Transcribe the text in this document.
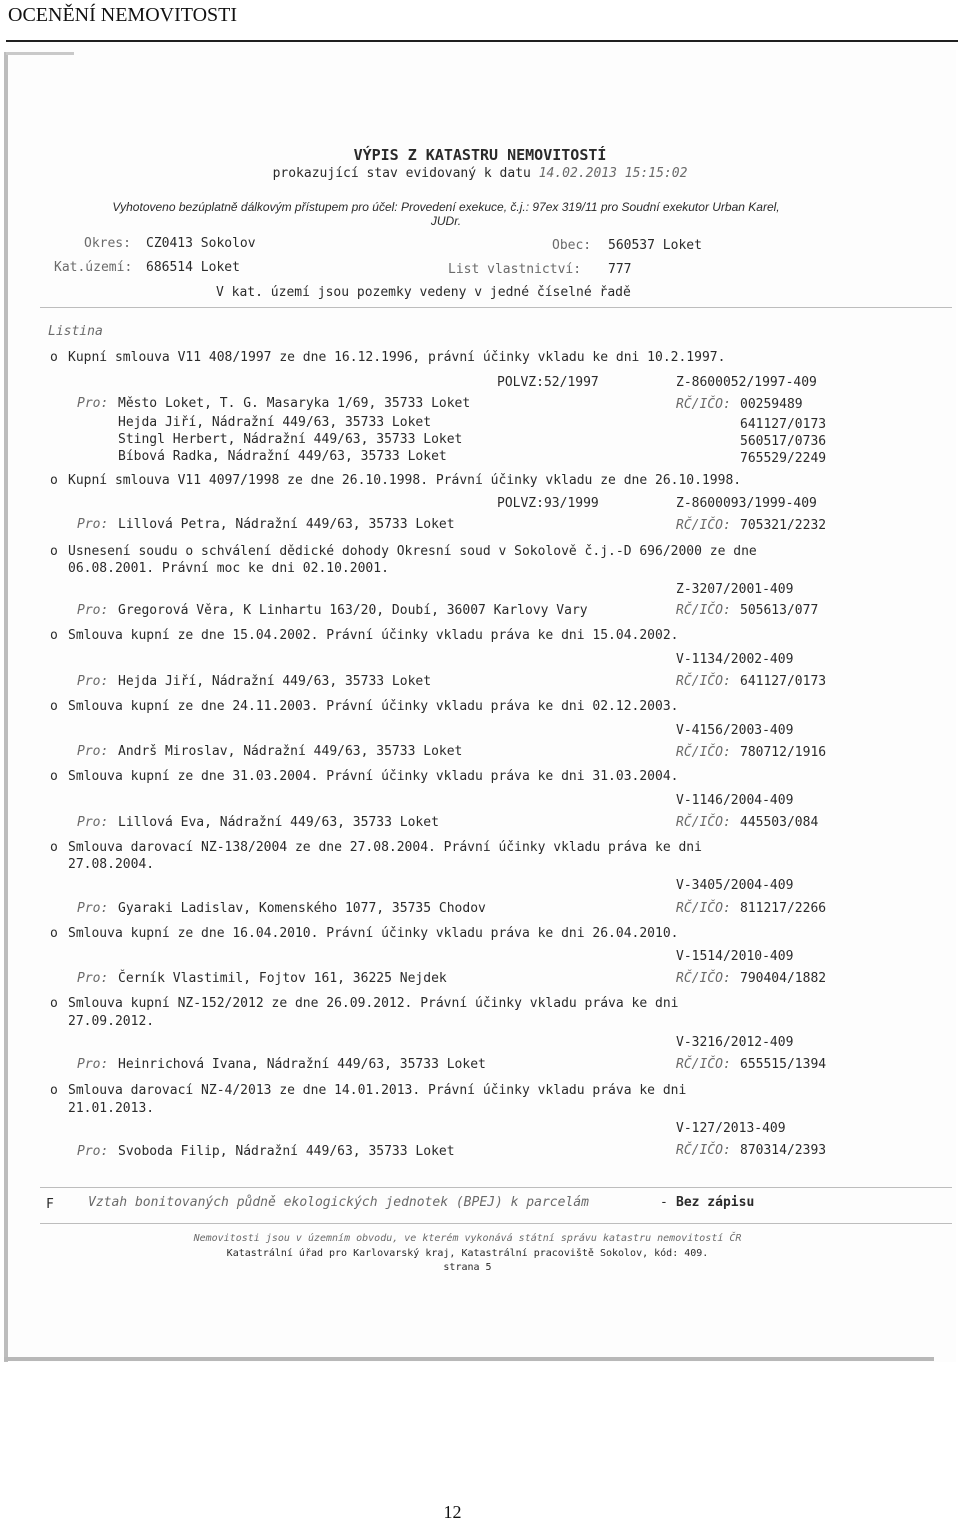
OCENĚNÍ NEMOVITOSTI
VÝPIS Z KATASTRU NEMOVITOSTÍ
prokazující stav evidovaný k datu 14.02.2013 15:15:02
Vyhotoveno bezúplatně dálkovým přístupem pro účel: Provedení exekuce, č.j.: 97ex 319/11 pro Soudní exekutor Urban Karel, JUDr.
Okres: CZ0413 Sokolov	Obec: 560537 Loket
Kat.území: 686514 Loket	List vlastnictví: 777
V kat. území jsou pozemky vedeny v jedné číselné řadě
Listina
o Kupní smlouva V11 408/1997 ze dne 16.12.1996, právní účinky vkladu ke dni 10.2.1997.
POLVZ:52/1997	Z-8600052/1997-409
Pro: Město Loket, T. G. Masaryka 1/69, 35733 Loket	RČ/IČO: 00259489
Hejda Jiří, Nádražní 449/63, 35733 Loket	641127/0173
Stingl Herbert, Nádražní 449/63, 35733 Loket	560517/0736
Bíbová Radka, Nádražní 449/63, 35733 Loket	765529/2249
o Kupní smlouva V11 4097/1998 ze dne 26.10.1998. Právní účinky vkladu ze dne 26.10.1998.
POLVZ:93/1999	Z-8600093/1999-409
Pro: Lillová Petra, Nádražní 449/63, 35733 Loket	RČ/IČO: 705321/2232
o Usnesení soudu o schválení dědické dohody Okresní soud v Sokolově č.j.-D 696/2000 ze dne
06.08.2001. Právní moc ke dni 02.10.2001.
Z-3207/2001-409
Pro: Gregorová Věra, K Linhartu 163/20, Doubí, 36007 Karlovy Vary	RČ/IČO: 505613/077
o Smlouva kupní ze dne 15.04.2002. Právní účinky vkladu práva ke dni 15.04.2002.
V-1134/2002-409
Pro: Hejda Jiří, Nádražní 449/63, 35733 Loket	RČ/IČO: 641127/0173
o Smlouva kupní ze dne 24.11.2003. Právní účinky vkladu práva ke dni 02.12.2003.
V-4156/2003-409
Pro: Andrš Miroslav, Nádražní 449/63, 35733 Loket	RČ/IČO: 780712/1916
o Smlouva kupní ze dne 31.03.2004. Právní účinky vkladu práva ke dni 31.03.2004.
V-1146/2004-409
Pro: Lillová Eva, Nádražní 449/63, 35733 Loket	RČ/IČO: 445503/084
o Smlouva darovací NZ-138/2004 ze dne 27.08.2004. Právní účinky vkladu práva ke dni
27.08.2004.
V-3405/2004-409
Pro: Gyaraki Ladislav, Komenského 1077, 35735 Chodov	RČ/IČO: 811217/2266
o Smlouva kupní ze dne 16.04.2010. Právní účinky vkladu práva ke dni 26.04.2010.
V-1514/2010-409
Pro: Černík Vlastimil, Fojtov 161, 36225 Nejdek	RČ/IČO: 790404/1882
o Smlouva kupní NZ-152/2012 ze dne 26.09.2012. Právní účinky vkladu práva ke dni
27.09.2012.
V-3216/2012-409
Pro: Heinrichová Ivana, Nádražní 449/63, 35733 Loket	RČ/IČO: 655515/1394
o Smlouva darovací NZ-4/2013 ze dne 14.01.2013. Právní účinky vkladu práva ke dni
21.01.2013.
V-127/2013-409
Pro: Svoboda Filip, Nádražní 449/63, 35733 Loket	RČ/IČO: 870314/2393
F	Vztah bonitovaných půdně ekologických jednotek (BPEJ) k parcelám	- Bez zápisu
Nemovitosti jsou v územním obvodu, ve kterém vykonává státní správu katastru nemovitostí ČR
Katastrální úřad pro Karlovarský kraj, Katastrální pracoviště Sokolov, kód: 409.
strana 5
12
